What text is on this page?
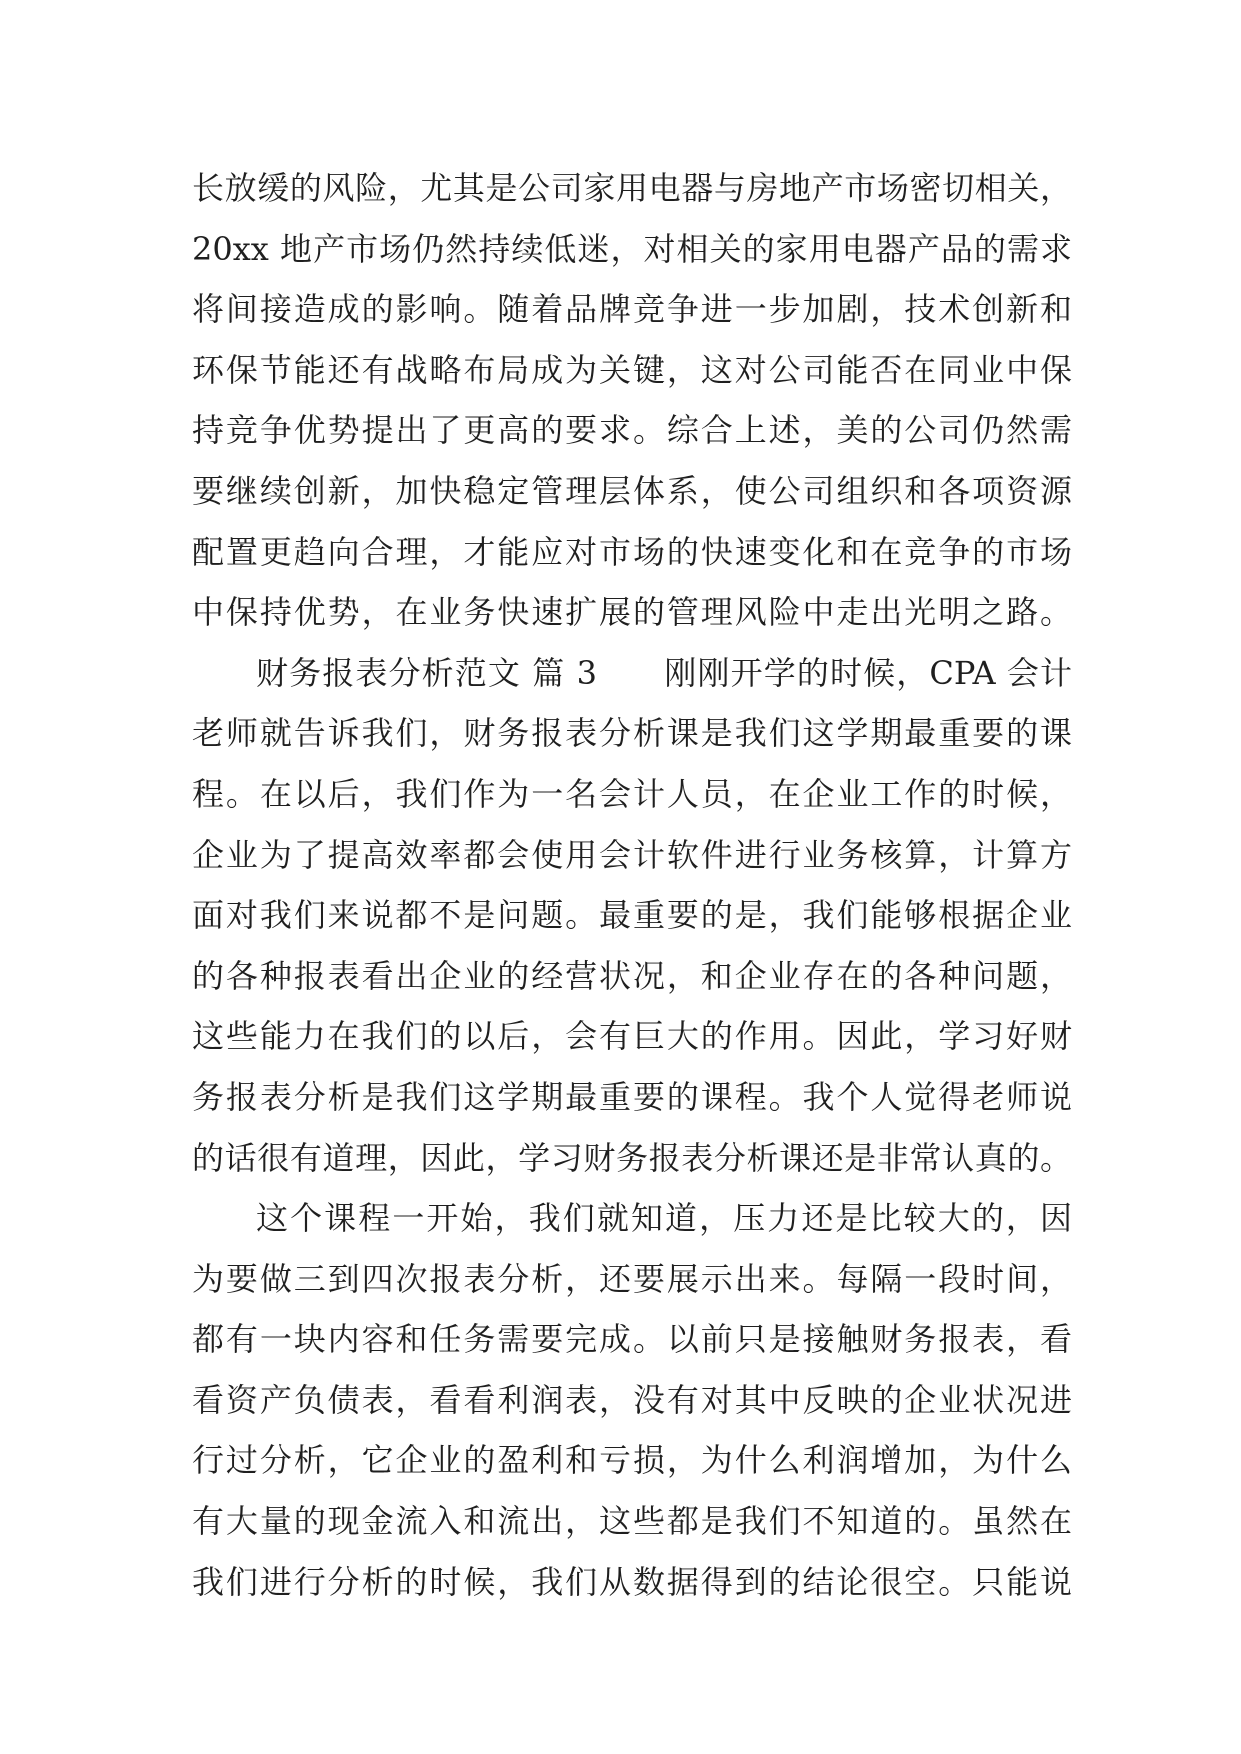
长放缓的风险，尤其是公司家用电器与房地产市场密切相关，
20xx 地产市场仍然持续低迷，对相关的家用电器产品的需求
将间接造成的影响。随着品牌竞争进一步加剧，技术创新和
环保节能还有战略布局成为关键，这对公司能否在同业中保
持竞争优势提出了更高的要求。综合上述，美的公司仍然需
要继续创新，加快稳定管理层体系，使公司组织和各项资源
配置更趋向合理，才能应对市场的快速变化和在竞争的市场
中保持优势，在业务快速扩展的管理风险中走出光明之路。
财务报表分析范文 篇 3　　刚刚开学的时候，CPA 会计
老师就告诉我们，财务报表分析课是我们这学期最重要的课
程。在以后，我们作为一名会计人员，在企业工作的时候，
企业为了提高效率都会使用会计软件进行业务核算，计算方
面对我们来说都不是问题。最重要的是，我们能够根据企业
的各种报表看出企业的经营状况，和企业存在的各种问题，
这些能力在我们的以后，会有巨大的作用。因此，学习好财
务报表分析是我们这学期最重要的课程。我个人觉得老师说
的话很有道理，因此，学习财务报表分析课还是非常认真的。
这个课程一开始，我们就知道，压力还是比较大的，因
为要做三到四次报表分析，还要展示出来。每隔一段时间，
都有一块内容和任务需要完成。以前只是接触财务报表，看
看资产负债表，看看利润表，没有对其中反映的企业状况进
行过分析，它企业的盈利和亏损，为什么利润增加，为什么
有大量的现金流入和流出，这些都是我们不知道的。虽然在
我们进行分析的时候，我们从数据得到的结论很空。只能说
